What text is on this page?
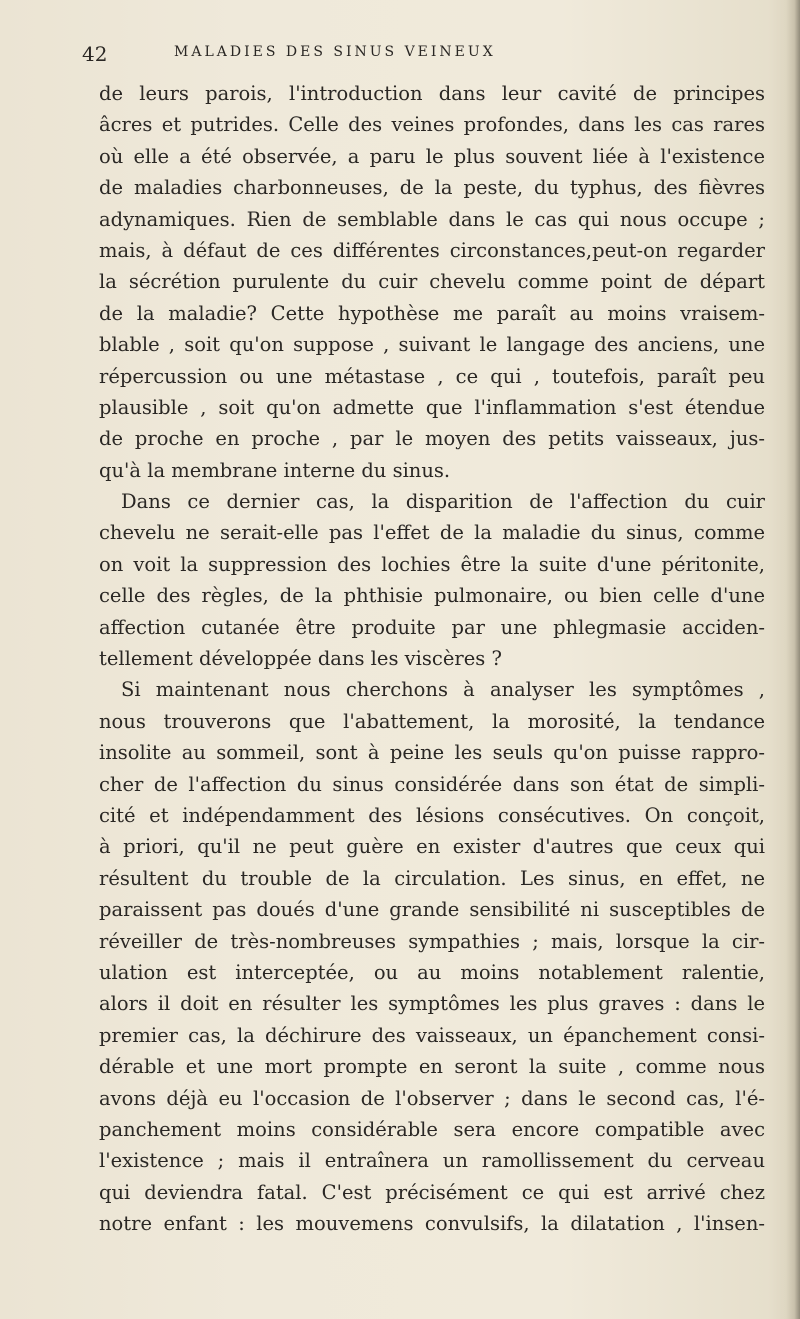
42	MALADIES DES SINUS VEINEUX
de leurs parois, l'introduction dans leur cavité de principes
âcres et putrides. Celle des veines profondes, dans les cas rares
où elle a été observée, a paru le plus souvent liée à l'existence
de maladies charbonneuses, de la peste, du typhus, des fièvres
adynamiques. Rien de semblable dans le cas qui nous occupe ;
mais, à défaut de ces différentes circonstances,peut-on regarder
la sécrétion purulente du cuir chevelu comme point de départ
de la maladie? Cette hypothèse me paraît au moins vraisem-
blable , soit qu'on suppose , suivant le langage des anciens, une
répercussion ou une métastase , ce qui , toutefois, paraît peu
plausible , soit qu'on admette que l'inflammation s'est étendue
de proche en proche , par le moyen des petits vaisseaux, jus-
qu'à la membrane interne du sinus.
Dans ce dernier cas, la disparition de l'affection du cuir
chevelu ne serait-elle pas l'effet de la maladie du sinus, comme
on voit la suppression des lochies être la suite d'une péritonite,
celle des règles, de la phthisie pulmonaire, ou bien celle d'une
affection cutanée être produite par une phlegmasie acciden-
tellement développée dans les viscères ?
Si maintenant nous cherchons à analyser les symptômes ,
nous trouverons que l'abattement, la morosité, la tendance
insolite au sommeil, sont à peine les seuls qu'on puisse rappro-
cher de l'affection du sinus considérée dans son état de simpli-
cité et indépendamment des lésions consécutives. On conçoit,
à priori, qu'il ne peut guère en exister d'autres que ceux qui
résultent du trouble de la circulation. Les sinus, en effet, ne
paraissent pas doués d'une grande sensibilité ni susceptibles de
réveiller de très-nombreuses sympathies ; mais, lorsque la cir-
ulation est interceptée, ou au moins notablement ralentie,
alors il doit en résulter les symptômes les plus graves : dans le
premier cas, la déchirure des vaisseaux, un épanchement consi-
dérable et une mort prompte en seront la suite , comme nous
avons déjà eu l'occasion de l'observer ; dans le second cas, l'é-
panchement moins considérable sera encore compatible avec
l'existence ; mais il entraînera un ramollissement du cerveau
qui deviendra fatal. C'est précisément ce qui est arrivé chez
notre enfant : les mouvemens convulsifs, la dilatation , l'insen-
